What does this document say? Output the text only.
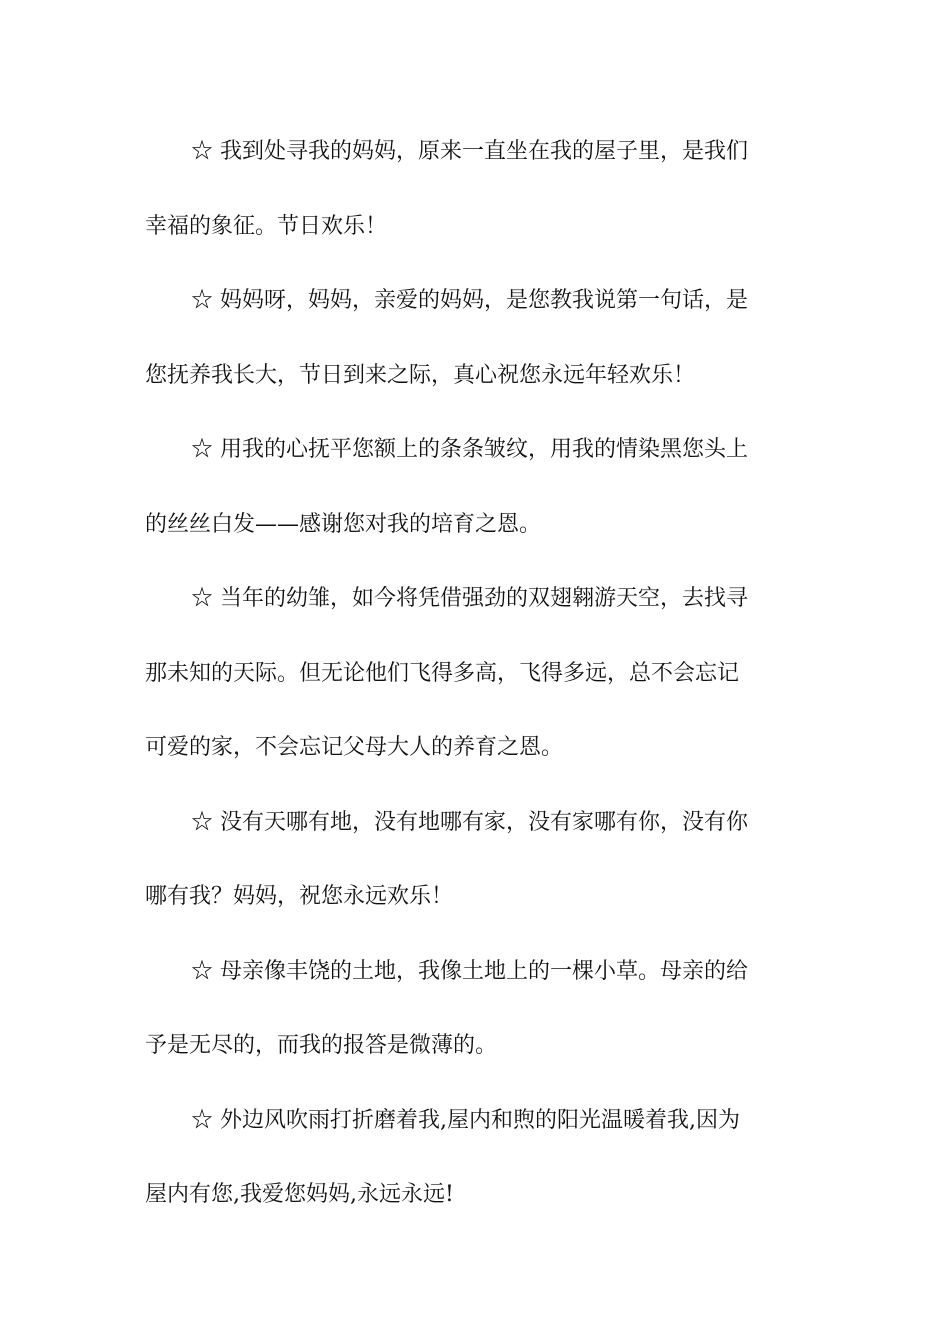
☆ 我到处寻我的妈妈，原来一直坐在我的屋子里，是我们
幸福的象征。节日欢乐！
☆ 妈妈呀，妈妈，亲爱的妈妈，是您教我说第一句话，是
您抚养我长大，节日到来之际，真心祝您永远年轻欢乐！
☆ 用我的心抚平您额上的条条皱纹，用我的情染黑您头上
的丝丝白发——感谢您对我的培育之恩。
☆ 当年的幼雏，如今将凭借强劲的双翅翱游天空，去找寻
那未知的天际。但无论他们飞得多高，飞得多远，总不会忘记
可爱的家，不会忘记父母大人的养育之恩。
☆ 没有天哪有地，没有地哪有家，没有家哪有你，没有你
哪有我？妈妈，祝您永远欢乐！
☆ 母亲像丰饶的土地，我像土地上的一棵小草。母亲的给
予是无尽的，而我的报答是微薄的。
☆ 外边风吹雨打折磨着我,屋内和煦的阳光温暖着我,因为
屋内有您,我爱您妈妈,永远永远!
